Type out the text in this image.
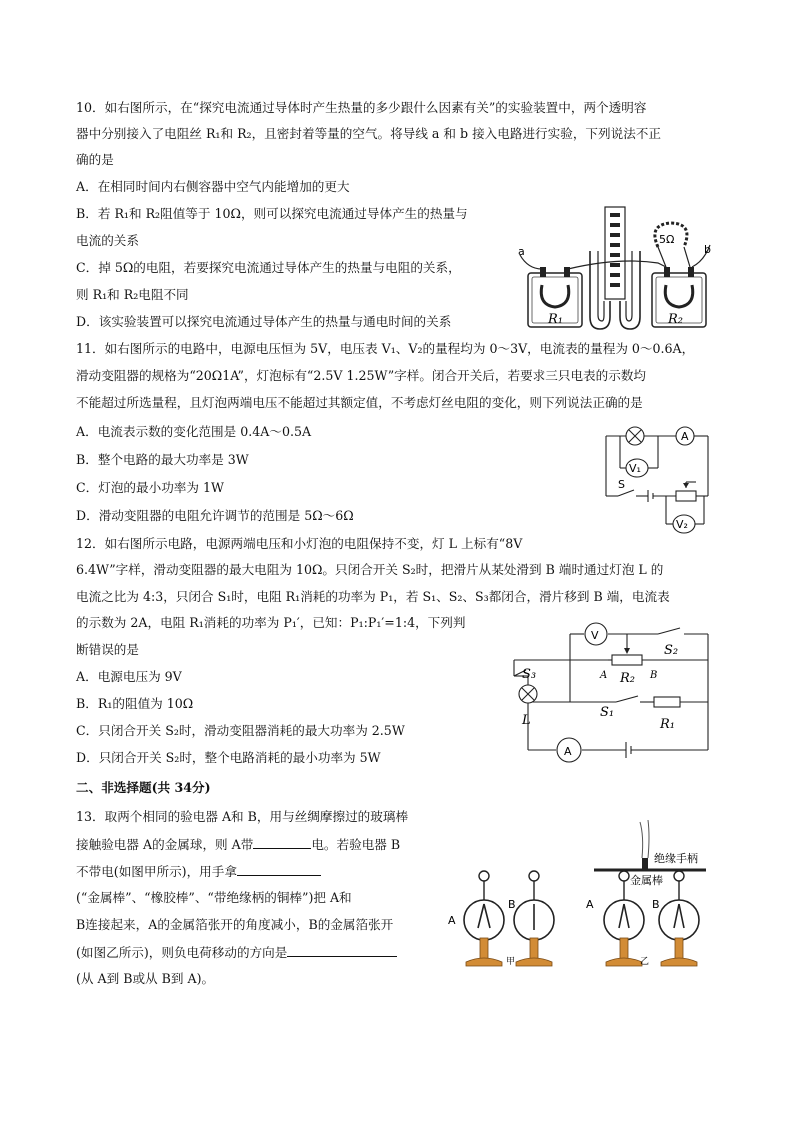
10．如右图所示，在“探究电流通过导体时产生热量的多少跟什么因素有关”的实验装置中，两个透明容
器中分别接入了电阻丝 R₁和 R₂，且密封着等量的空气。将导线 a 和 b 接入电路进行实验，下列说法不正
确的是
A．在相同时间内右侧容器中空气内能增加的更大
B．若 R₁和 R₂阻值等于 10Ω，则可以探究电流通过导体产生的热量与
电流的关系
C．掉 5Ω的电阻，若要探究电流通过导体产生的热量与电阻的关系，
则 R₁和 R₂电阻不同
D．该实验装置可以探究电流通过导体产生的热量与通电时间的关系	R₁	R₂
5Ω
a	b
11．如右图所示的电路中，电源电压恒为 5V，电压表 V₁、V₂的量程均为 0～3V，电流表的量程为 0～0.6A，
滑动变阻器的规格为“20Ω1A”，灯泡标有“2.5V 1.25W”字样。闭合开关后，若要求三只电表的示数均
不能超过所选量程，且灯泡两端电压不能超过其额定值，不考虑灯丝电阻的变化，则下列说法正确的是
A．电流表示数的变化范围是 0.4A～0.5A
B．整个电路的最大功率是 3W
C．灯泡的最小功率为 1W
D．滑动变阻器的电阻允许调节的范围是 5Ω～6Ω
A
V₁
V₂
S
12．如右图所示电路，电源两端电压和小灯泡的电阻保持不变，灯 L 上标有“8V
6.4W”字样，滑动变阻器的最大电阻为 10Ω。只闭合开关 S₂时，把滑片从某处滑到 B 端时通过灯泡 L 的
电流之比为 4:3，只闭合 S₁时，电阻 R₁消耗的功率为 P₁，若 S₁、S₂、S₃都闭合，滑片移到 B 端，电流表
的示数为 2A，电阻 R₁消耗的功率为 P₁′，已知：P₁:P₁′=1:4，下列判
断错误的是
A．电源电压为 9V
B．R₁的阻值为 10Ω
C．只闭合开关 S₂时，滑动变阻器消耗的最大功率为 2.5W
D．只闭合开关 S₂时，整个电路消耗的最小功率为 5W
V
A
S₃
S₂
S₁
R₁
R₂
L
A	B
二、非选择题(共 34分)
13．取两个相同的验电器 A和 B，用与丝绸摩擦过的玻璃棒
接触验电器 A的金属球，则 A带	电。若验电器 B
不带电(如图甲所示)，用手拿
(“金属棒”、“橡胶棒”、“带绝缘柄的铜棒”)把 A和
B连接起来，A的金属箔张开的角度减小，B的金属箔张开
(如图乙所示)，则负电荷移动的方向是
(从 A到 B或从 B到 A)。
A
B
甲
A	B
绝缘手柄
金属棒
乙
